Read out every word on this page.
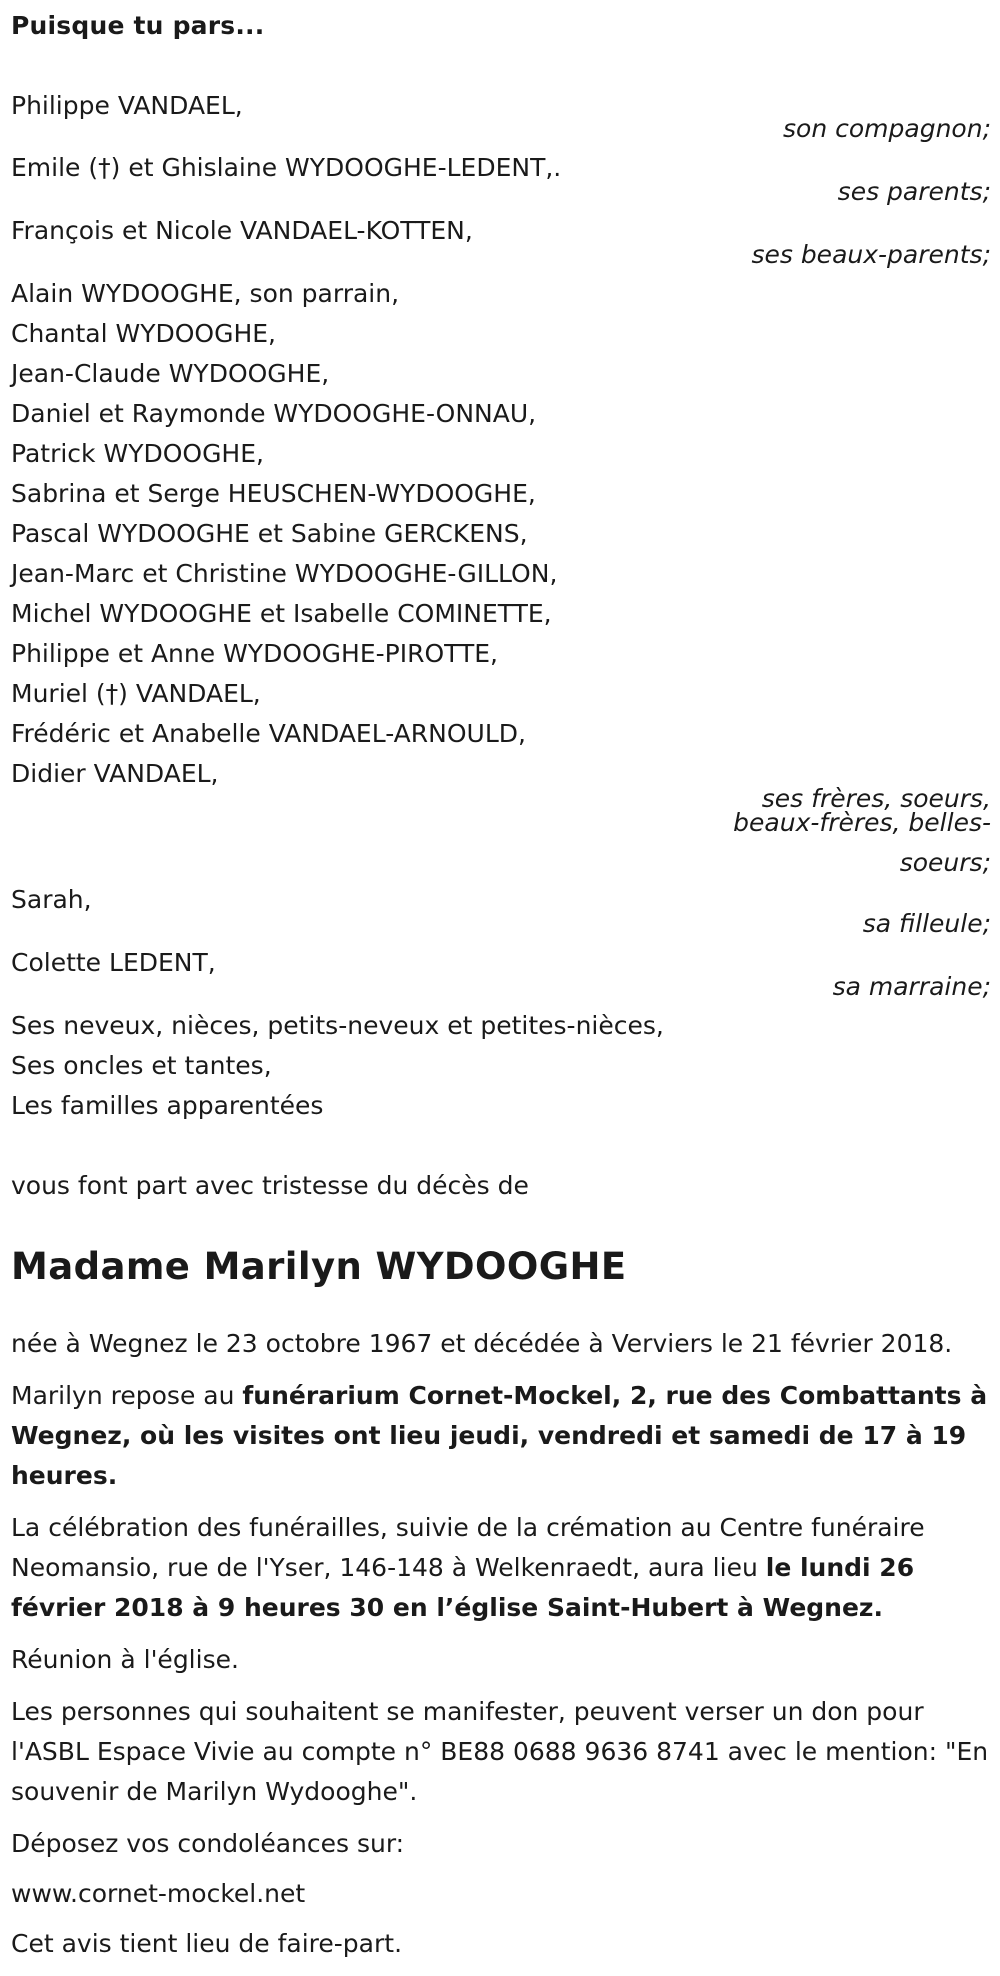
Puisque tu pars...
Philippe VANDAEL,
son compagnon;
Emile (†) et Ghislaine WYDOOGHE-LEDENT,.
ses parents;
François et Nicole VANDAEL-KOTTEN,
ses beaux-parents;
Alain WYDOOGHE, son parrain,
Chantal WYDOOGHE,
Jean-Claude WYDOOGHE,
Daniel et Raymonde WYDOOGHE-ONNAU,
Patrick WYDOOGHE,
Sabrina et Serge HEUSCHEN-WYDOOGHE,
Pascal WYDOOGHE et Sabine GERCKENS,
Jean-Marc et Christine WYDOOGHE-GILLON,
Michel WYDOOGHE et Isabelle COMINETTE,
Philippe et Anne WYDOOGHE-PIROTTE,
Muriel (†) VANDAEL,
Frédéric et Anabelle VANDAEL-ARNOULD,
Didier VANDAEL,
ses frères, soeurs,
beaux-frères, belles-
soeurs;
Sarah,
sa filleule;
Colette LEDENT,
sa marraine;
Ses neveux, nièces, petits-neveux et petites-nièces,
Ses oncles et tantes,
Les familles apparentées
vous font part avec tristesse du décès de
Madame Marilyn WYDOOGHE
née à Wegnez le 23 octobre 1967 et décédée à Verviers le 21 février 2018.
Marilyn repose au funérarium Cornet-Mockel, 2, rue des Combattants à Wegnez, où les visites ont lieu jeudi, vendredi et samedi de 17 à 19 heures.
La célébration des funérailles, suivie de la crémation au Centre funéraire Neomansio, rue de l'Yser, 146-148 à Welkenraedt, aura lieu le lundi 26 février 2018 à 9 heures 30 en l’église Saint-Hubert à Wegnez.
Réunion à l'église.
Les personnes qui souhaitent se manifester, peuvent verser un don pour l'ASBL Espace Vivie au compte n° BE88 0688 9636 8741 avec le mention: "En souvenir de Marilyn Wydooghe".
Déposez vos condoléances sur:
www.cornet-mockel.net
Cet avis tient lieu de faire-part.
